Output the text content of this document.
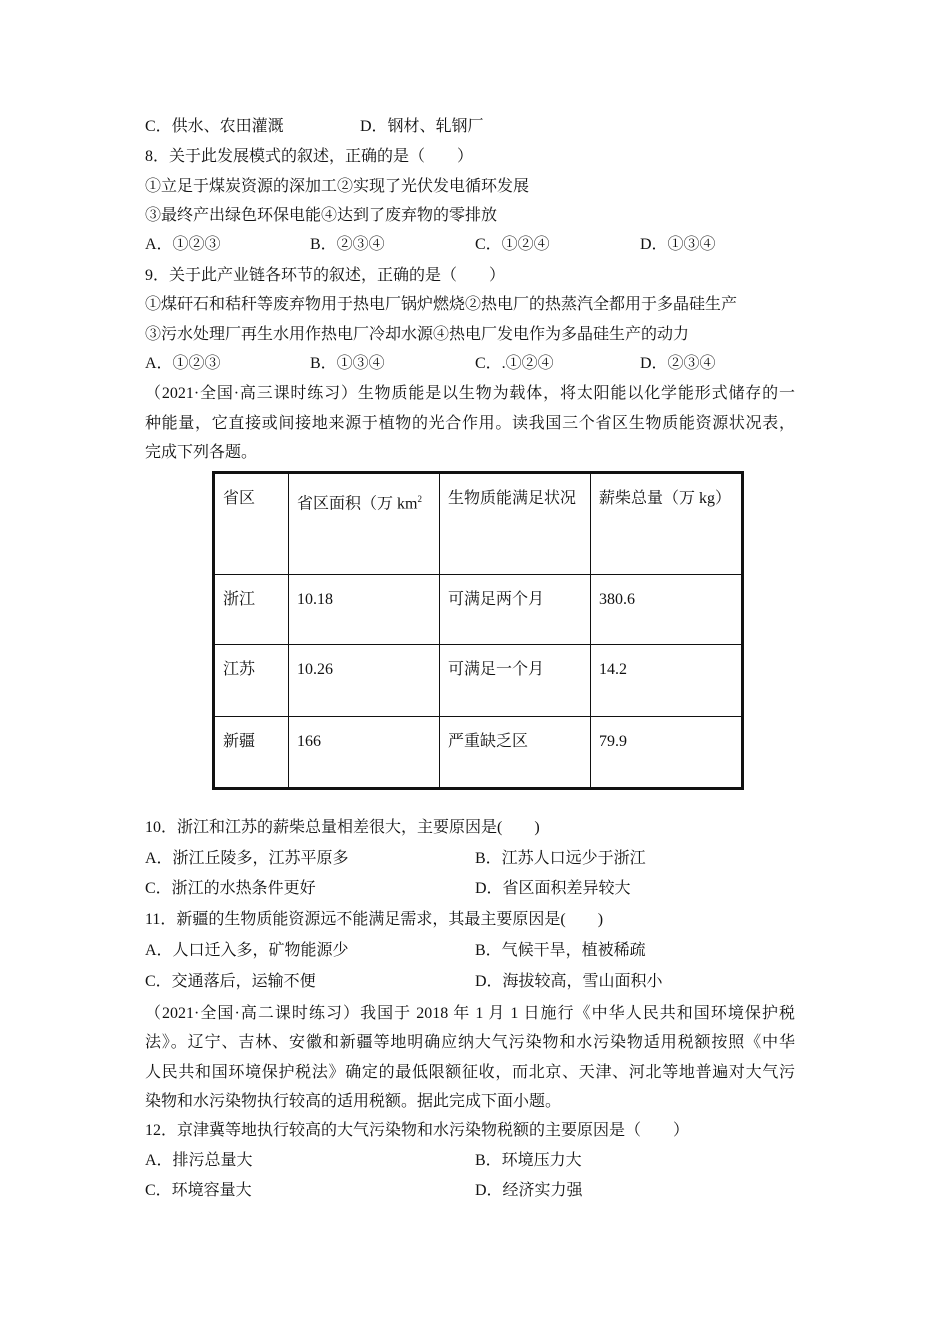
C．供水、农田灌溉	D．钢材、轧钢厂
8．关于此发展模式的叙述，正确的是（　　）
①立足于煤炭资源的深加工②实现了光伏发电循环发展
③最终产出绿色环保电能④达到了废弃物的零排放
A．①②③	B．②③④	C．①②④	D．①③④
9．关于此产业链各环节的叙述，正确的是（　　）
①煤矸石和秸秆等废弃物用于热电厂锅炉燃烧②热电厂的热蒸汽全都用于多晶硅生产
③污水处理厂再生水用作热电厂冷却水源④热电厂发电作为多晶硅生产的动力
A．①②③	B．①③④	C．.①②④	D．②③④
（2021·全国·高三课时练习）生物质能是以生物为载体，将太阳能以化学能形式储存的一
种能量，它直接或间接地来源于植物的光合作用。读我国三个省区生物质能资源状况表，
完成下列各题。
省区	省区面积（万 $km^2$	生物质能满足状况	薪柴总量（万 kg）
浙江	10.18	可满足两个月	380.6
江苏	10.26	可满足一个月	14.2
新疆	166	严重缺乏区	79.9
10．浙江和江苏的薪柴总量相差很大，主要原因是(　　)
A．浙江丘陵多，江苏平原多	B．江苏人口远少于浙江
C．浙江的水热条件更好	D．省区面积差异较大
11．新疆的生物质能资源远不能满足需求，其最主要原因是(　　)
A．人口迁入多，矿物能源少	B．气候干旱，植被稀疏
C．交通落后，运输不便	D．海拔较高，雪山面积小
（2021·全国·高二课时练习）我国于 2018 年 1 月 1 日施行《中华人民共和国环境保护税
法》。辽宁、吉林、安徽和新疆等地明确应纳大气污染物和水污染物适用税额按照《中华
人民共和国环境保护税法》确定的最低限额征收，而北京、天津、河北等地普遍对大气污
染物和水污染物执行较高的适用税额。据此完成下面小题。
12．京津冀等地执行较高的大气污染物和水污染物税额的主要原因是（　　）
A．排污总量大	B．环境压力大
C．环境容量大	D．经济实力强
